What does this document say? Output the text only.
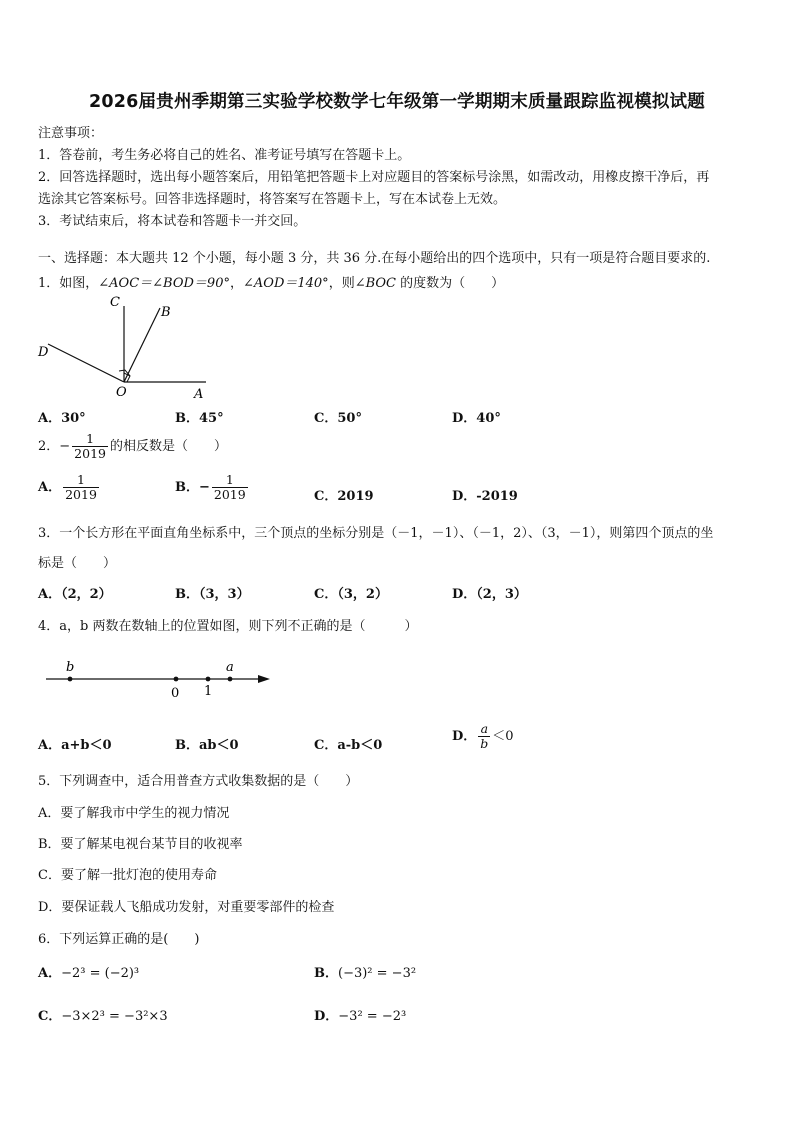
2026届贵州季期第三实验学校数学七年级第一学期期末质量跟踪监视模拟试题
注意事项：
1．答卷前，考生务必将自己的姓名、准考证号填写在答题卡上。
2．回答选择题时，选出每小题答案后，用铅笔把答题卡上对应题目的答案标号涂黑，如需改动，用橡皮擦干净后，再
选涂其它答案标号。回答非选择题时，将答案写在答题卡上，写在本试卷上无效。
3．考试结束后，将本试卷和答题卡一并交回。
一、选择题：本大题共 12 个小题，每小题 3 分，共 36 分.在每小题给出的四个选项中，只有一项是符合题目要求的.
1．如图，∠AOC＝∠BOD＝90°，∠AOD＝140°，则∠BOC 的度数为（　　）
C
B
D
O	A
A．30°	B．45°	C．50°	D．40°
2．− $\frac{1}{2019}$ 的相反数是（　　）
A． $\frac{1}{2019}$	B．− $\frac{1}{2019}$	C．2019	D．-2019
3．一个长方形在平面直角坐标系中，三个顶点的坐标分别是（－1，－1）、（－1，2）、（3，－1），则第四个顶点的坐
标是（　　）
A．（2，2）	B．（3，3）	C．（3，2）	D．（2，3）
4．a，b 两数在数轴上的位置如图，则下列不正确的是（　　　）
b	a
0 1
A．a+b＜0	B．ab＜0	C．a-b＜0
D． $\frac{a}{b} <0$
5．下列调查中，适合用普查方式收集数据的是（　　）
A．要了解我市中学生的视力情况
B．要了解某电视台某节目的收视率
C．要了解一批灯泡的使用寿命
D．要保证载人飞船成功发射，对重要零部件的检查
6．下列运算正确的是(　　)
A．−2³ = (−2)³	B．(−3)² = −3²
C．−3×2³ = −3²×3	D．−3² = −2³
